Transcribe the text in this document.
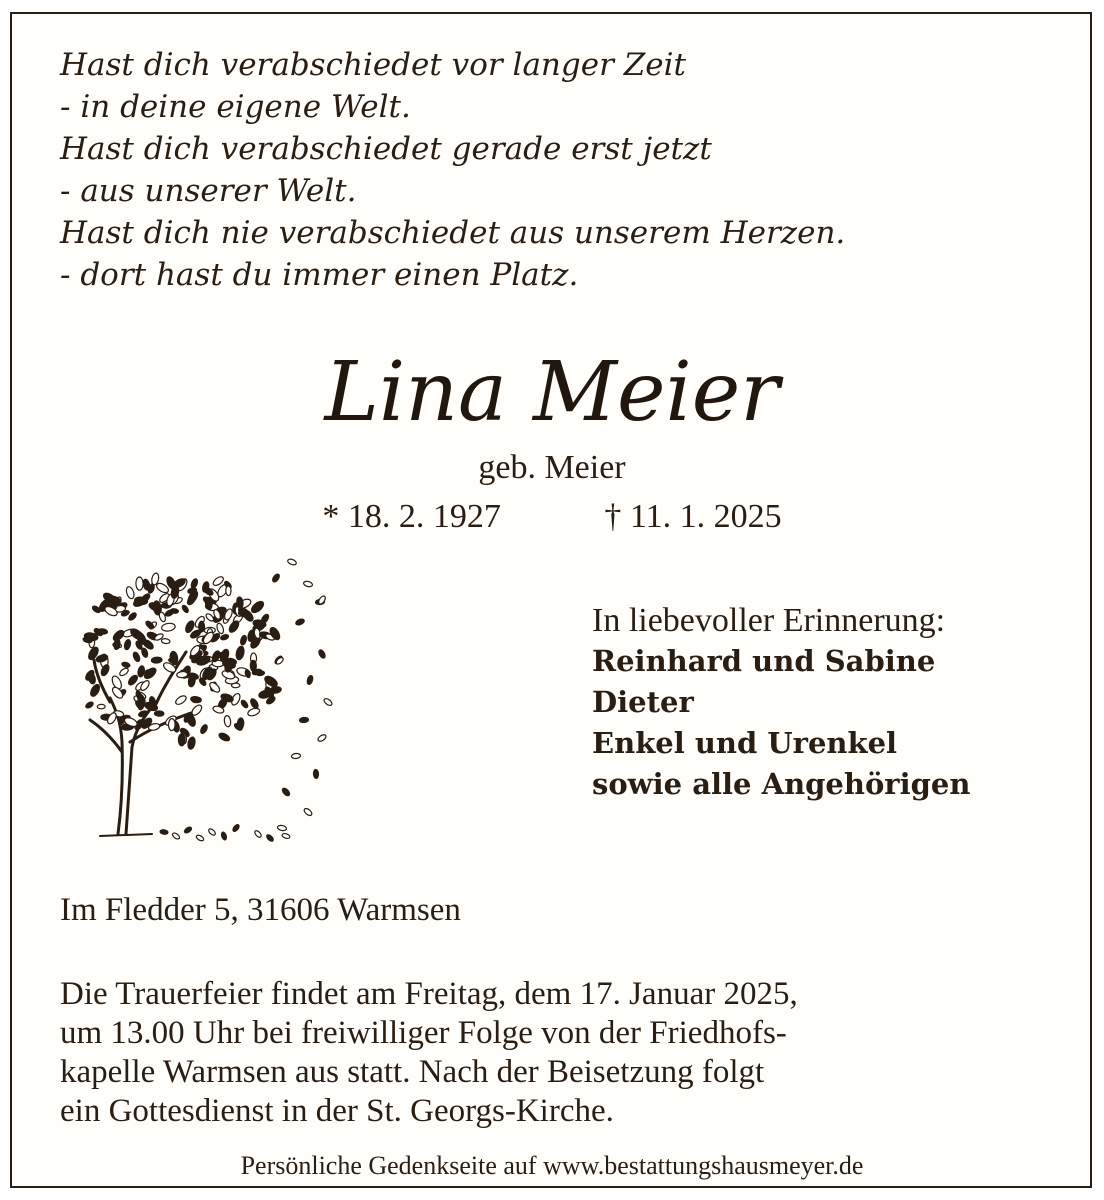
Hast dich verabschiedet vor langer Zeit
- in deine eigene Welt.
Hast dich verabschiedet gerade erst jetzt
- aus unserer Welt.
Hast dich nie verabschiedet aus unserem Herzen.
- dort hast du immer einen Platz.
Lina Meier
geb. Meier
* 18. 2. 1927	† 11. 1. 2025
In liebevoller Erinnerung:
Reinhard und Sabine
Dieter
Enkel und Urenkel
sowie alle Angehörigen
Im Fledder 5, 31606 Warmsen
Die Trauerfeier findet am Freitag, dem 17. Januar 2025,
um 13.00 Uhr bei freiwilliger Folge von der Friedhofs-
kapelle Warmsen aus statt. Nach der Beisetzung folgt
ein Gottesdienst in der St. Georgs-Kirche.
Persönliche Gedenkseite auf www.bestattungshausmeyer.de
